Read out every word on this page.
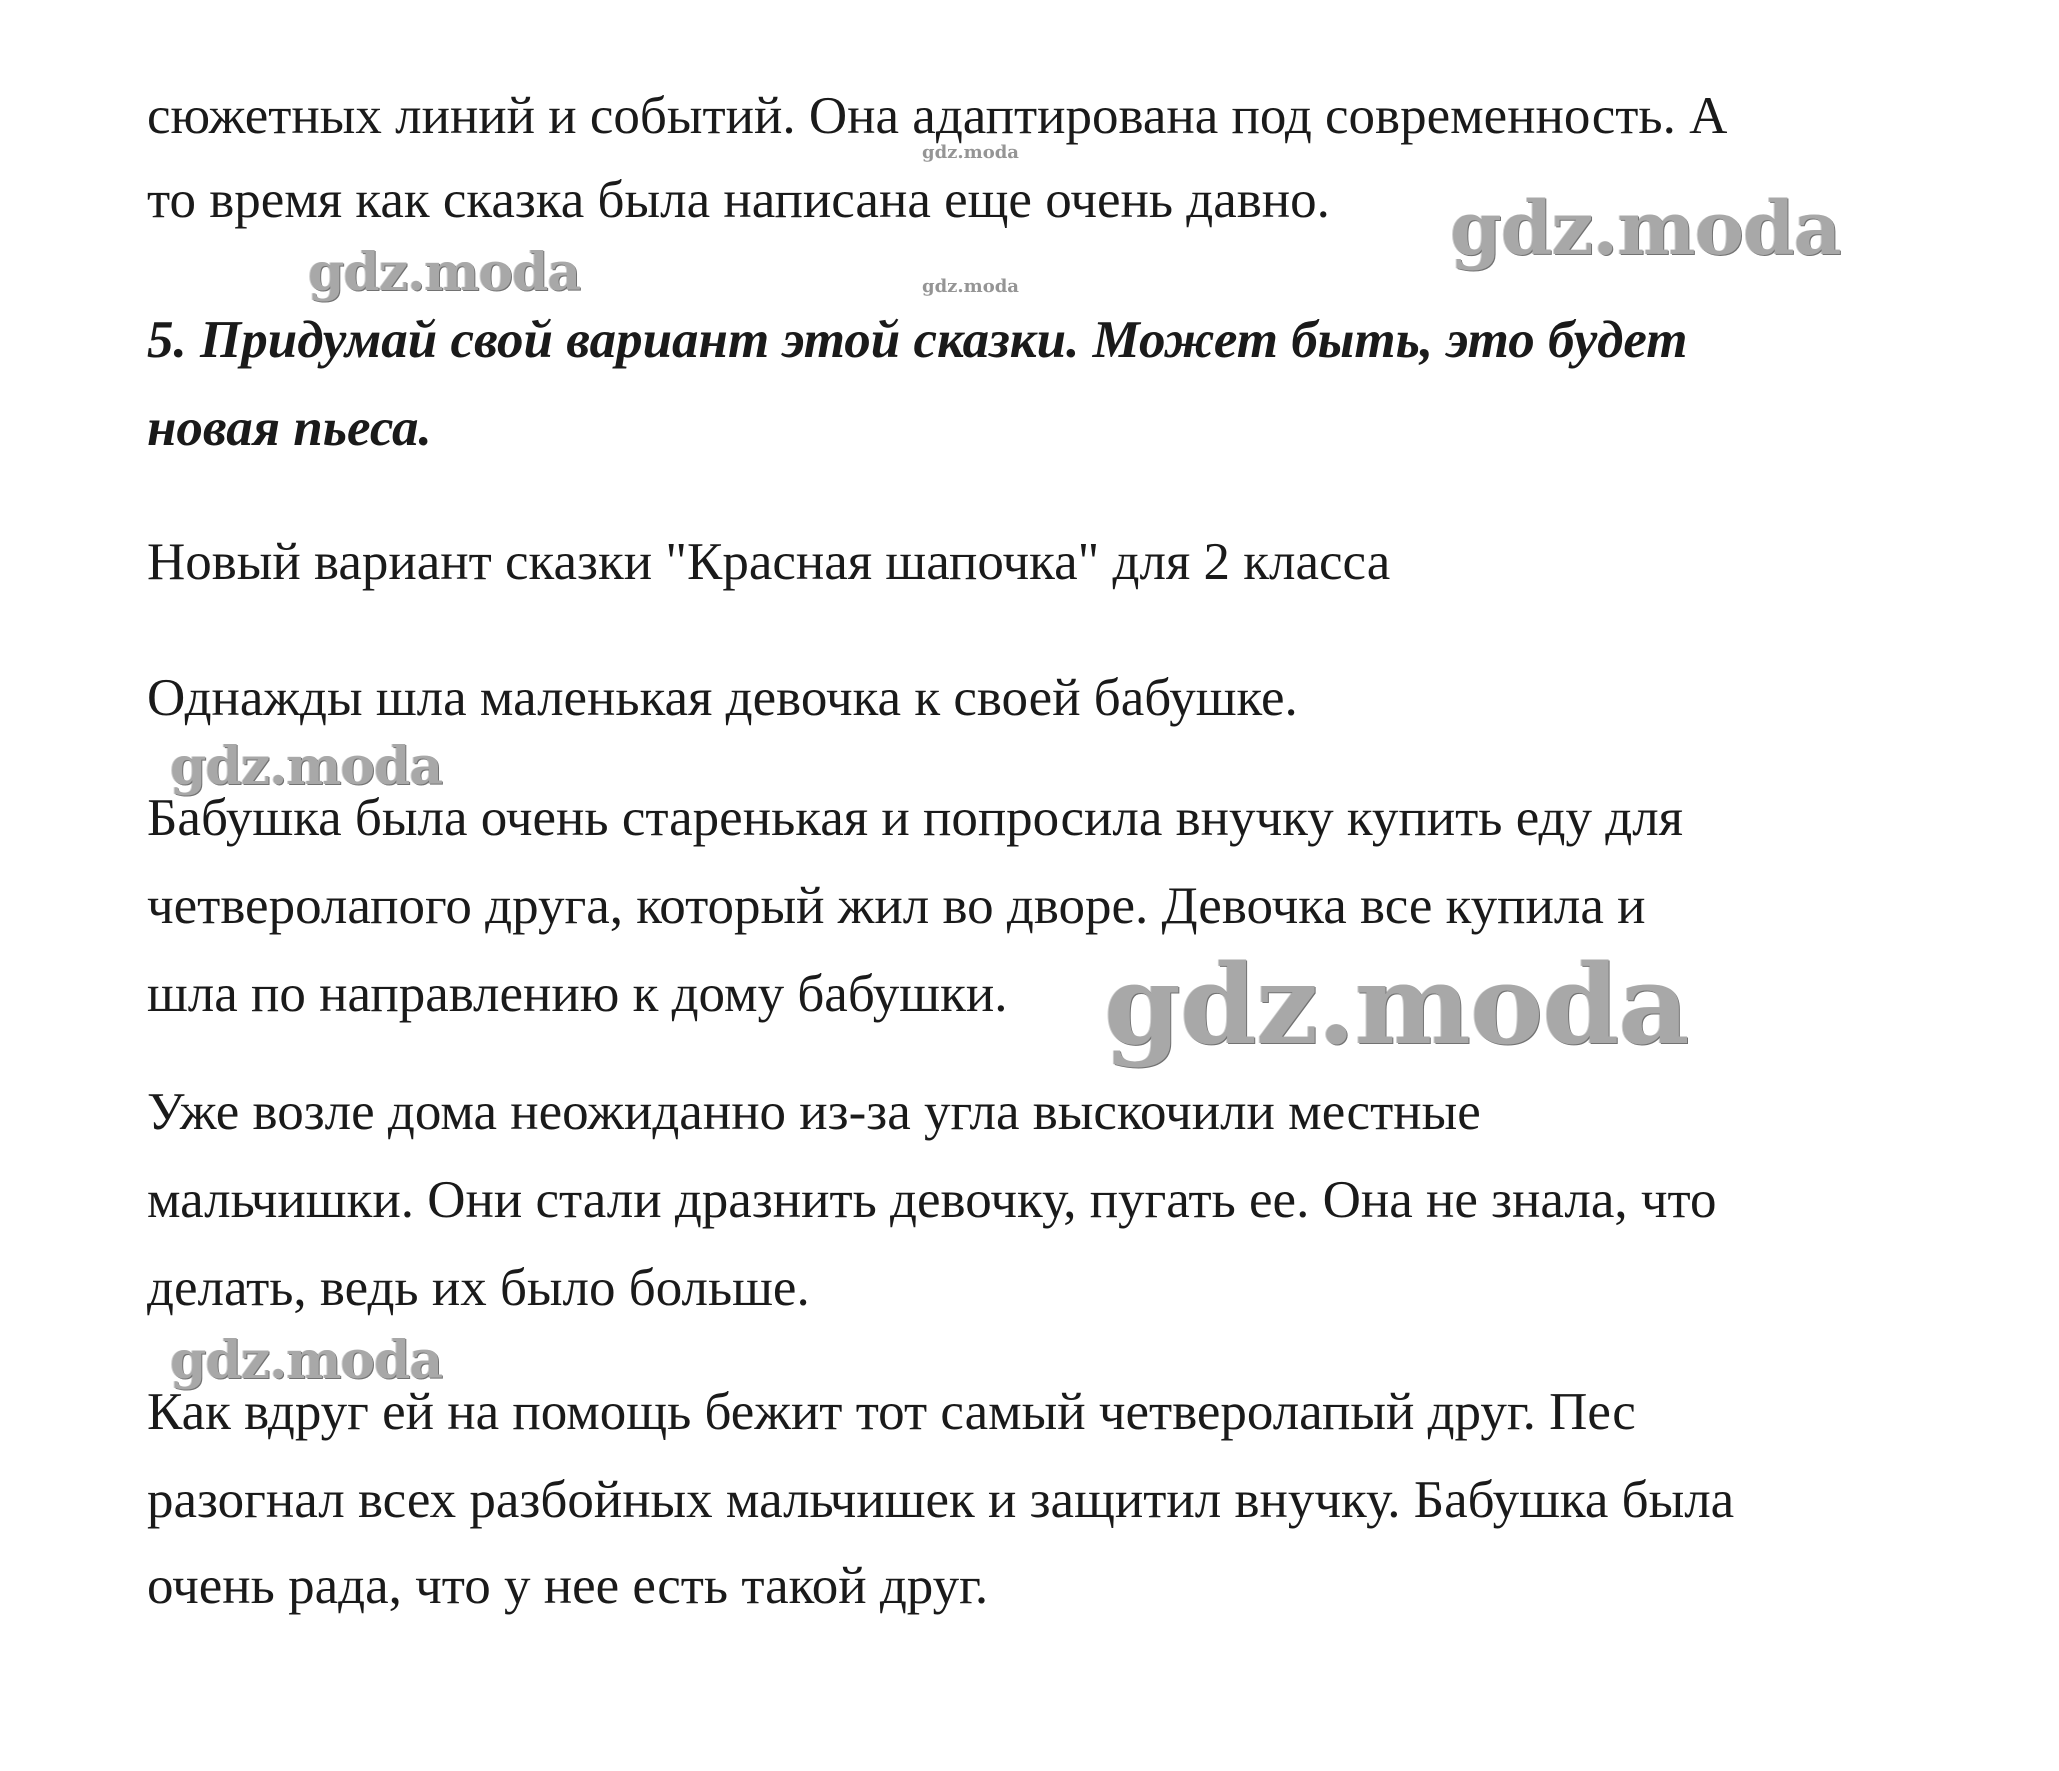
сюжетных линий и событий. Она адаптирована под современность. А
то время как сказка была написана еще очень давно.
5. Придумай свой вариант этой сказки. Может быть, это будет
новая пьеса.
Новый вариант сказки "Красная шапочка" для 2 класса
Однажды шла маленькая девочка к своей бабушке.
Бабушка была очень старенькая и попросила внучку купить еду для
четверолапого друга, который жил во дворе. Девочка все купила и
шла по направлению к дому бабушки.
Уже возле дома неожиданно из-за угла выскочили местные
мальчишки. Они стали дразнить девочку, пугать ее. Она не знала, что
делать, ведь их было больше.
Как вдруг ей на помощь бежит тот самый четверолапый друг. Пес
разогнал всех разбойных мальчишек и защитил внучку. Бабушка была
очень рада, что у нее есть такой друг.
gdz.moda
gdz.moda
gdz.moda	gdz.moda
gdz.moda
gdz.moda
gdz.moda
